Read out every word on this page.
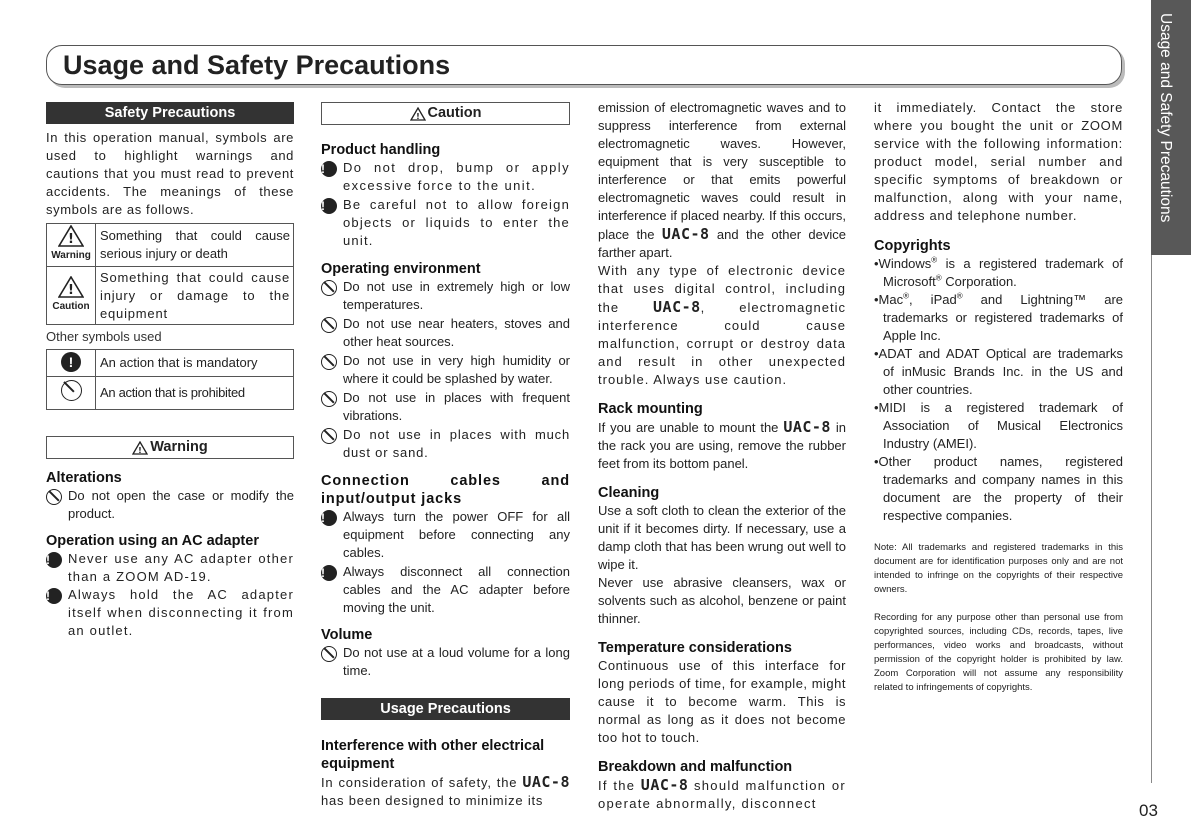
Usage and Safety Precautions	Usage and Safety Precautions
03
Safety Precautions

In this operation manual, symbols are used to highlight warnings and cautions that you must read to prevent accidents. The meanings of these symbols are as follows.

!
Warning	Something that could cause serious injury or death

!
Caution	Something that could cause injury or damage to the equipment

Other symbols used

!	An action that is mandatory
	An action that is prohibited
! Warning
Alterations
Do not open the case or modify the product.
Operation using an AC adapter
!	Never use any AC adapter other than a ZOOM AD-19.
!	Always hold the AC adapter itself when disconnecting it from an outlet.
! Caution
Product handling
!	Do not drop, bump or apply excessive force to the unit.
!	Be careful not to allow foreign objects or liquids to enter the unit.
Operating environment
Do not use in extremely high or low temperatures.
Do not use near heaters, stoves and other heat sources.
Do not use in very high humidity or where it could be splashed by water.
Do not use in places with frequent vibrations.
Do not use in places with much dust or sand.
Connection cables and input/output jacks
!	Always turn the power OFF for all equipment before connecting any cables.
!	Always disconnect all connection cables and the AC adapter before moving the unit.
Volume
Do not use at a loud volume for a long time.
Usage Precautions
Interference with other electrical equipment

In consideration of safety, the UAC-8 has been designed to minimize its

emission of electromagnetic waves and to suppress interference from external electromagnetic waves. However, equipment that is very susceptible to interference or that emits powerful electromagnetic waves could result in interference if placed nearby. If this occurs, place the UAC-8 and the other device farther apart.

With any type of electronic device that uses digital control, including the UAC-8, electromagnetic interference could cause malfunction, corrupt or destroy data and result in other unexpected trouble. Always use caution.

Rack mounting

If you are unable to mount the UAC-8 in the rack you are using, remove the rubber feet from its bottom panel.

Cleaning

Use a soft cloth to clean the exterior of the unit if it becomes dirty. If necessary, use a damp cloth that has been wrung out well to wipe it.

Never use abrasive cleansers, wax or solvents such as alcohol, benzene or paint thinner.

Temperature considerations

Continuous use of this interface for long periods of time, for example, might cause it to become warm. This is normal as long as it does not become too hot to touch.

Breakdown and malfunction

If the UAC-8 should malfunction or operate abnormally, disconnect

it immediately. Contact the store where you bought the unit or ZOOM service with the following information: product model, serial number and specific symptoms of breakdown or malfunction, along with your name, address and telephone number.

Copyrights

•Windows® is a registered trademark of Microsoft® Corporation.

•Mac®, iPad® and Lightning™ are trademarks or registered trademarks of Apple Inc.

•ADAT and ADAT Optical are trademarks of inMusic Brands Inc. in the US and other countries.

•MIDI is a registered trademark of Association of Musical Electronics Industry (AMEI).

•Other product names, registered trademarks and company names in this document are the property of their respective companies.

Note: All trademarks and registered trademarks in this document are for identification purposes only and are not intended to infringe on the copyrights of their respective owners.

Recording for any purpose other than personal use from copyrighted sources, including CDs, records, tapes, live performances, video works and broadcasts, without permission of the copyright holder is prohibited by law. Zoom Corporation will not assume any responsibility related to infringements of copyrights.
